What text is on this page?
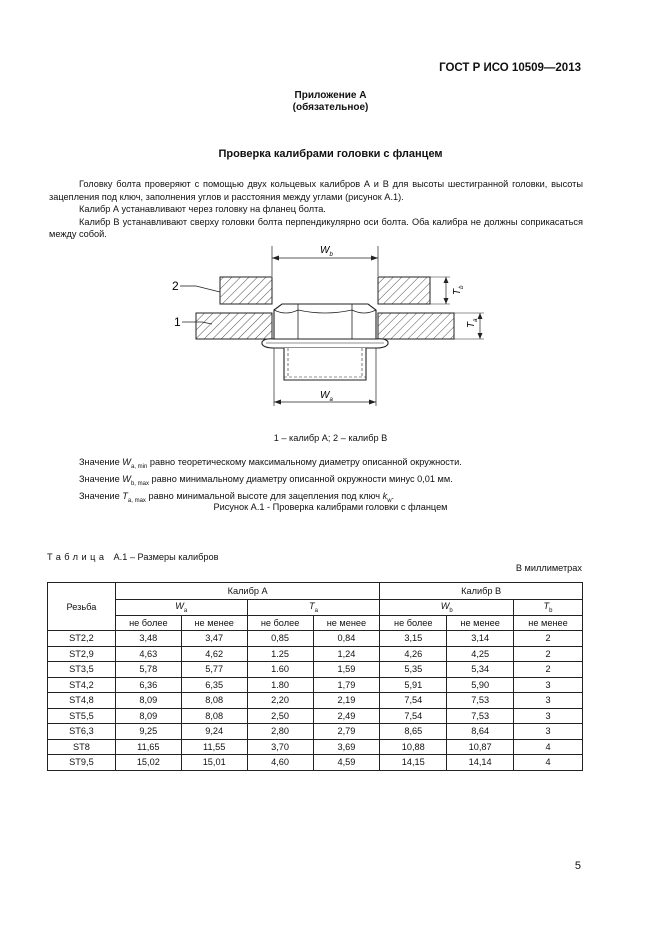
ГОСТ Р ИСО 10509—2013
Приложение А
(обязательное)
Проверка калибрами головки с фланцем

Головку болта проверяют с помощью двух кольцевых калибров А и В для высоты шестигранной головки, высоты зацепления под ключ, заполнения углов и расстояния между углами (рисунок А.1).

Калибр А устанавливают через головку на фланец болта.

Калибр В устанавливают сверху головки болта перпендикулярно оси болта. Оба калибра не должны соприкасаться между собой.

$W_b$
$T_b$
$T_a$
$W_a$
2
1
1 – калибр А; 2 – калибр В
Значение $W_{a, min}$ равно теоретическому максимальному диаметру описанной окружности.
Значение $W_{b, max}$ равно минимальному диаметру описанной окружности минус 0,01 мм.
Значение $T_{a, max}$ равно минимальной высоте для зацепления под ключ $k_w$.
Рисунок А.1 - Проверка калибрами головки с фланцем
Таблица А.1 – Размеры калибров
В миллиметрах
Резьба	Калибр А				Калибр В		
	$W_a$		$T_a$		$W_b$		$T_b$
	не более	не менее	не более	не менее	не более	не менее	не менее
ST2,2	3,48	3,47	0,85	0,84	3,15	3,14	2
ST2,9	4,63	4,62	1.25	1,24	4,26	4,25	2
ST3,5	5,78	5,77	1.60	1,59	5,35	5,34	2
ST4,2	6,36	6,35	1.80	1,79	5,91	5,90	3
ST4,8	8,09	8,08	2,20	2,19	7,54	7,53	3
ST5,5	8,09	8,08	2,50	2,49	7,54	7,53	3
ST6,3	9,25	9,24	2,80	2,79	8,65	8,64	3
ST8	11,65	11,55	3,70	3,69	10,88	10,87	4
ST9,5	15,02	15,01	4,60	4,59	14,15	14,14	4
5
